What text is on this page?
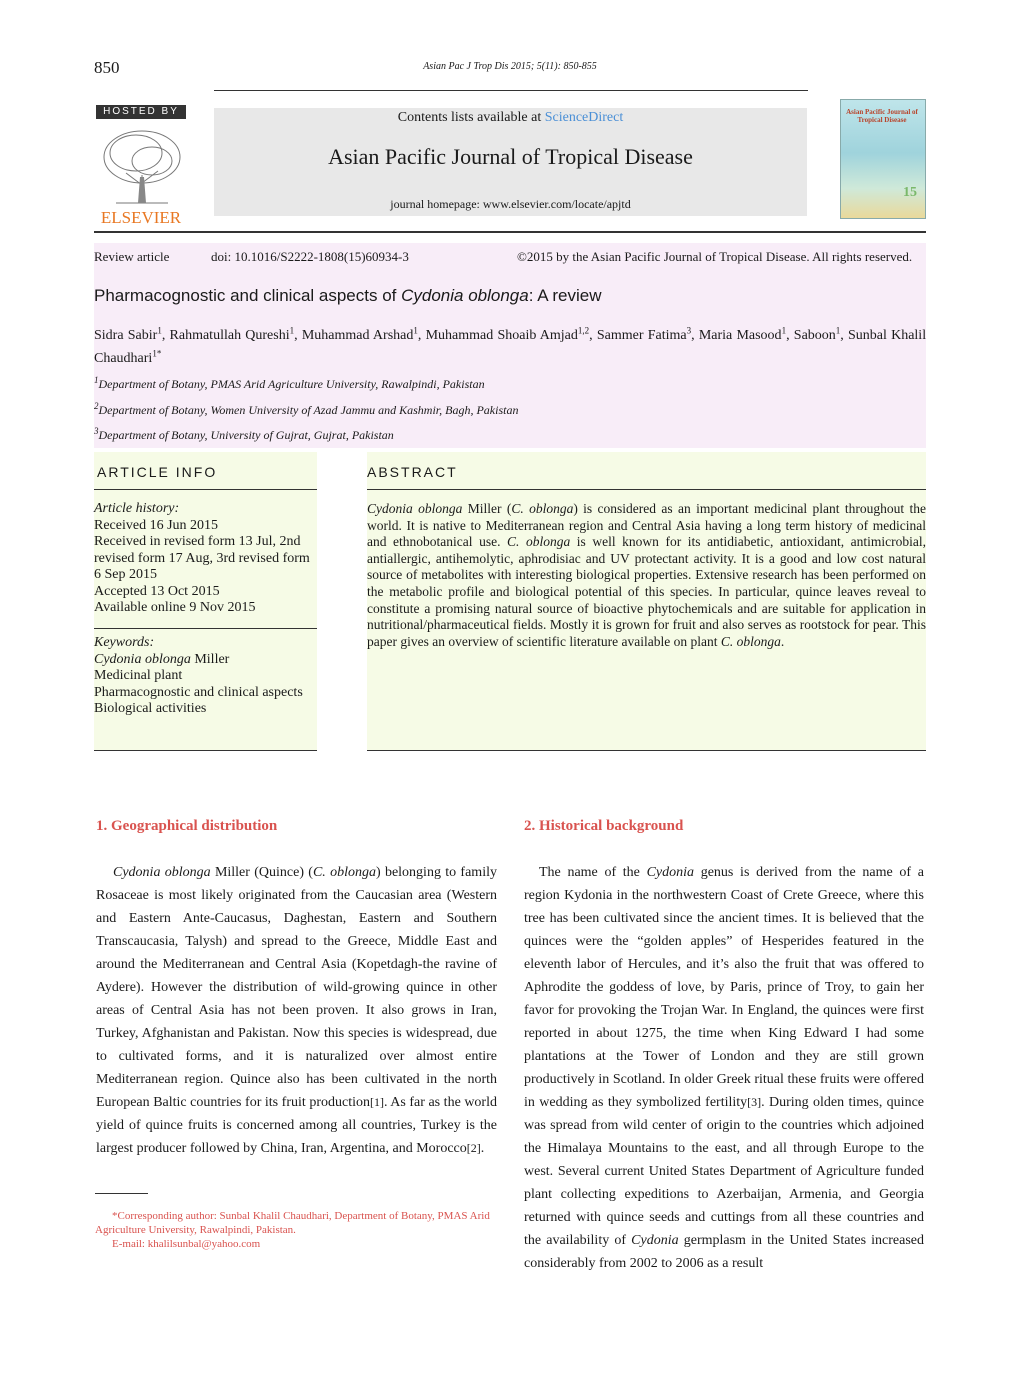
850	Asian Pac J Trop Dis 2015; 5(11): 850-855
HOSTED BY
ELSEVIER
Contents lists available at ScienceDirect
Asian Pacific Journal of Tropical Disease
journal homepage: www.elsevier.com/locate/apjtd
Asian Pacific Journal of Tropical Disease
15
Review article	doi: 10.1016/S2222-1808(15)60934-3	©2015 by the Asian Pacific Journal of Tropical Disease. All rights reserved.
Pharmacognostic and clinical aspects of Cydonia oblonga: A review
Sidra Sabir$^1$, Rahmatullah Qureshi$^1$, Muhammad Arshad$^1$, Muhammad Shoaib Amjad$^{1,2}$, Sammer Fatima$^3$, Maria Masood$^1$, Saboon$^1$, Sunbal Khalil Chaudhari$^{1*}$
$^1$Department of Botany, PMAS Arid Agriculture University, Rawalpindi, Pakistan
$^2$Department of Botany, Women University of Azad Jammu and Kashmir, Bagh, Pakistan
$^3$Department of Botany, University of Gujrat, Gujrat, Pakistan
ARTICLE INFO	ABSTRACT
Article history:
Received 16 Jun 2015
Received in revised form 13 Jul, 2nd
revised form 17 Aug, 3rd revised form
6 Sep 2015
Accepted 13 Oct 2015
Available online 9 Nov 2015
Keywords:
Cydonia oblonga Miller
Medicinal plant
Pharmacognostic and clinical aspects
Biological activities
Cydonia oblonga Miller (C. oblonga) is considered as an important medicinal plant throughout the world. It is native to Mediterranean region and Central Asia having a long term history of medicinal and ethnobotanical use. C. oblonga is well known for its antidiabetic, antioxidant, antimicrobial, antiallergic, antihemolytic, aphrodisiac and UV protectant activity. It is a good and low cost natural source of metabolites with interesting biological properties. Extensive research has been performed on the metabolic profile and biological potential of this species. In particular, quince leaves reveal to constitute a promising natural source of bioactive phytochemicals and are suitable for application in nutritional/pharmaceutical fields. Mostly it is grown for fruit and also serves as rootstock for pear. This paper gives an overview of scientific literature available on plant C. oblonga.
1. Geographical distribution
Cydonia oblonga Miller (Quince) (C. oblonga) belonging to family Rosaceae is most likely originated from the Caucasian area (Western and Eastern Ante-Caucasus, Daghestan, Eastern and Southern Transcaucasia, Talysh) and spread to the Greece, Middle East and around the Mediterranean and Central Asia (Kopetdagh-the ravine of Aydere). However the distribution of wild-growing quince in other areas of Central Asia has not been proven. It also grows in Iran, Turkey, Afghanistan and Pakistan. Now this species is widespread, due to cultivated forms, and it is naturalized over almost entire Mediterranean region. Quince also has been cultivated in the north European Baltic countries for its fruit production[1]. As far as the world yield of quince fruits is concerned among all countries, Turkey is the largest producer followed by China, Iran, Argentina, and Morocco[2].
2. Historical background
The name of the Cydonia genus is derived from the name of a region Kydonia in the northwestern Coast of Crete Greece, where this tree has been cultivated since the ancient times. It is believed that the quinces were the “golden apples” of Hesperides featured in the eleventh labor of Hercules, and it’s also the fruit that was offered to Aphrodite the goddess of love, by Paris, prince of Troy, to gain her favor for provoking the Trojan War. In England, the quinces were first reported in about 1275, the time when King Edward I had some plantations at the Tower of London and they are still grown productively in Scotland. In older Greek ritual these fruits were offered in wedding as they symbolized fertility[3]. During olden times, quince was spread from wild center of origin to the countries which adjoined the Himalaya Mountains to the east, and all through Europe to the west. Several current United States Department of Agriculture funded plant collecting expeditions to Azerbaijan, Armenia, and Georgia returned with quince seeds and cuttings from all these countries and the availability of Cydonia germplasm in the United States increased considerably from 2002 to 2006 as a result
*Corresponding author: Sunbal Khalil Chaudhari, Department of Botany, PMAS Arid Agriculture University, Rawalpindi, Pakistan.
E-mail: khalilsunbal@yahoo.com
